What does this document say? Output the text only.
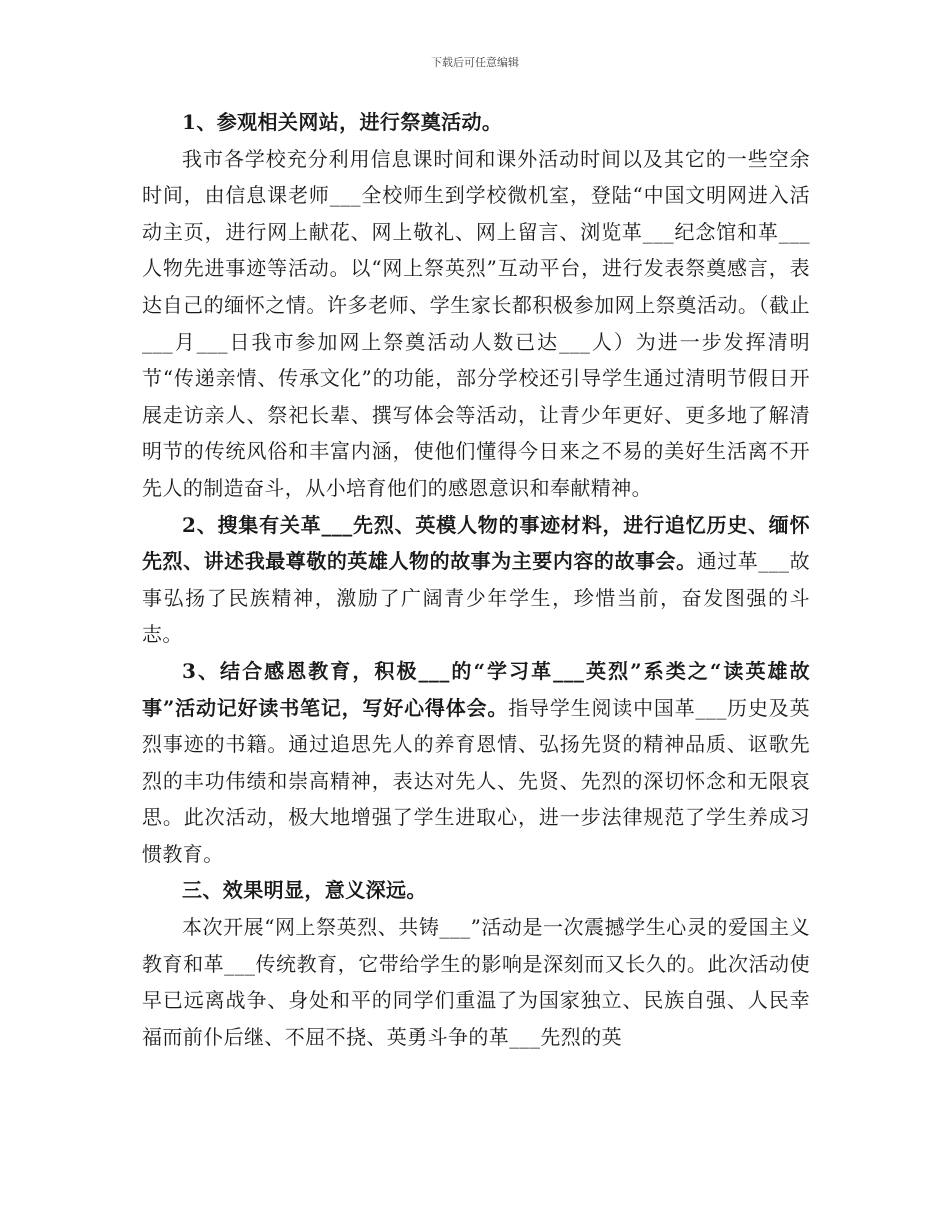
下载后可任意编辑

1、参观相关网站，进行祭奠活动。

我市各学校充分利用信息课时间和课外活动时间以及其它的一些空余时间，由信息课老师___全校师生到学校微机室，登陆“中国文明网进入活动主页，进行网上献花、网上敬礼、网上留言、浏览革___纪念馆和革___人物先进事迹等活动。以“网上祭英烈”互动平台，进行发表祭奠感言，表达自己的缅怀之情。许多老师、学生家长都积极参加网上祭奠活动。（截止___月___日我市参加网上祭奠活动人数已达___人）为进一步发挥清明节“传递亲情、传承文化”的功能，部分学校还引导学生通过清明节假日开展走访亲人、祭祀长辈、撰写体会等活动，让青少年更好、更多地了解清明节的传统风俗和丰富内涵，使他们懂得今日来之不易的美好生活离不开先人的制造奋斗，从小培育他们的感恩意识和奉献精神。

2、搜集有关革___先烈、英模人物的事迹材料，进行追忆历史、缅怀先烈、讲述我最尊敬的英雄人物的故事为主要内容的故事会。通过革___故事弘扬了民族精神，激励了广阔青少年学生，珍惜当前，奋发图强的斗志。

3、结合感恩教育，积极___的“学习革___英烈”系类之“读英雄故事”活动记好读书笔记，写好心得体会。指导学生阅读中国革___历史及英烈事迹的书籍。通过追思先人的养育恩情、弘扬先贤的精神品质、讴歌先烈的丰功伟绩和崇高精神，表达对先人、先贤、先烈的深切怀念和无限哀思。此次活动，极大地增强了学生进取心，进一步法律规范了学生养成习惯教育。

三、效果明显，意义深远。

本次开展“网上祭英烈、共铸___”活动是一次震撼学生心灵的爱国主义教育和革___传统教育，它带给学生的影响是深刻而又长久的。此次活动使早已远离战争、身处和平的同学们重温了为国家独立、民族自强、人民幸福而前仆后继、不屈不挠、英勇斗争的革___先烈的英
